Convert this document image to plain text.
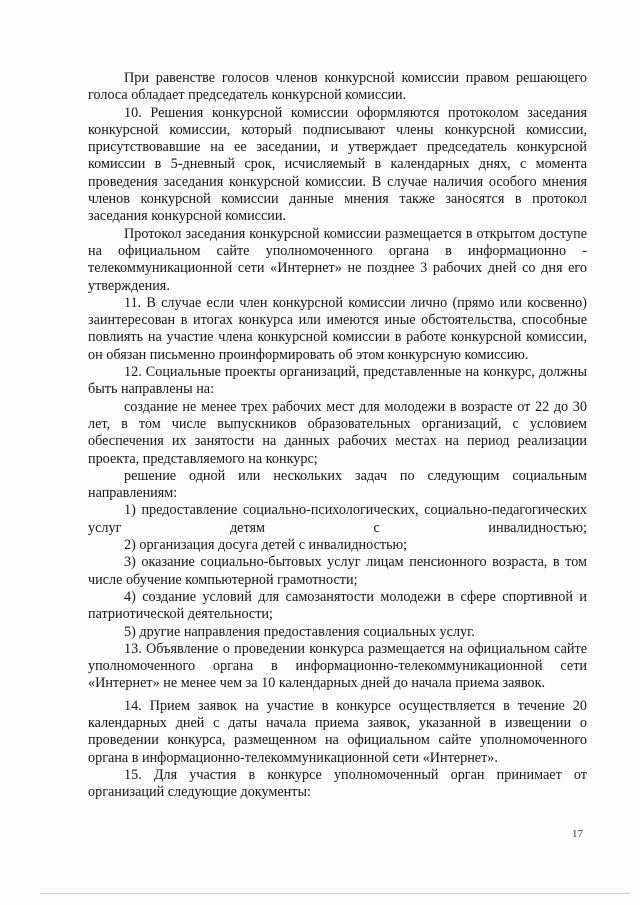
При равенстве голосов членов конкурсной комиссии правом решающего голоса обладает председатель конкурсной комиссии.

10. Решения конкурсной комиссии оформляются протоколом заседания конкурсной комиссии, который подписывают члены конкурсной комиссии, присутствовавшие на ее заседании, и утверждает председатель конкурсной комиссии в 5-дневный срок, исчисляемый в календарных днях, с момента проведения заседания конкурсной комиссии. В случае наличия особого мнения членов конкурсной комиссии данные мнения также заносятся в протокол заседания конкурсной комиссии.

Протокол заседания конкурсной комиссии размещается в открытом доступе на официальном сайте уполномоченного органа в информационно - телекоммуникационной сети «Интернет» не позднее 3 рабочих дней со дня его утверждения.

11. В случае если член конкурсной комиссии лично (прямо или косвенно) заинтересован в итогах конкурса или имеются иные обстоятельства, способные повлиять на участие члена конкурсной комиссии в работе конкурсной комиссии, он обязан письменно проинформировать об этом конкурсную комиссию.

12. Социальные проекты организаций, представленные на конкурс, должны быть направлены на:

создание не менее трех рабочих мест для молодежи в возрасте от 22 до 30 лет, в том числе выпускников образовательных организаций, с условием обеспечения их занятости на данных рабочих местах на период реализации проекта, представляемого на конкурс;

решение одной или нескольких задач по следующим социальным направлениям:

1) предоставление социально-психологических, социально-педагогических услуг детям с инвалидностью;

2) организация досуга детей с инвалидностью;

3) оказание социально-бытовых услуг лицам пенсионного возраста, в том числе обучение компьютерной грамотности;

4) создание условий для самозанятости молодежи в сфере спортивной и патриотической деятельности;

5) другие направления предоставления социальных услуг.

13. Объявление о проведении конкурса размещается на официальном сайте уполномоченного органа в информационно-телекоммуникационной сети «Интернет» не менее чем за 10 календарных дней до начала приема заявок.

14. Прием заявок на участие в конкурсе осуществляется в течение 20 календарных дней с даты начала приема заявок, указанной в извещении о проведении конкурса, размещенном на официальном сайте уполномоченного органа в информационно-телекоммуникационной сети «Интернет».

15. Для участия в конкурсе уполномоченный орган принимает от организаций следующие документы:

17
